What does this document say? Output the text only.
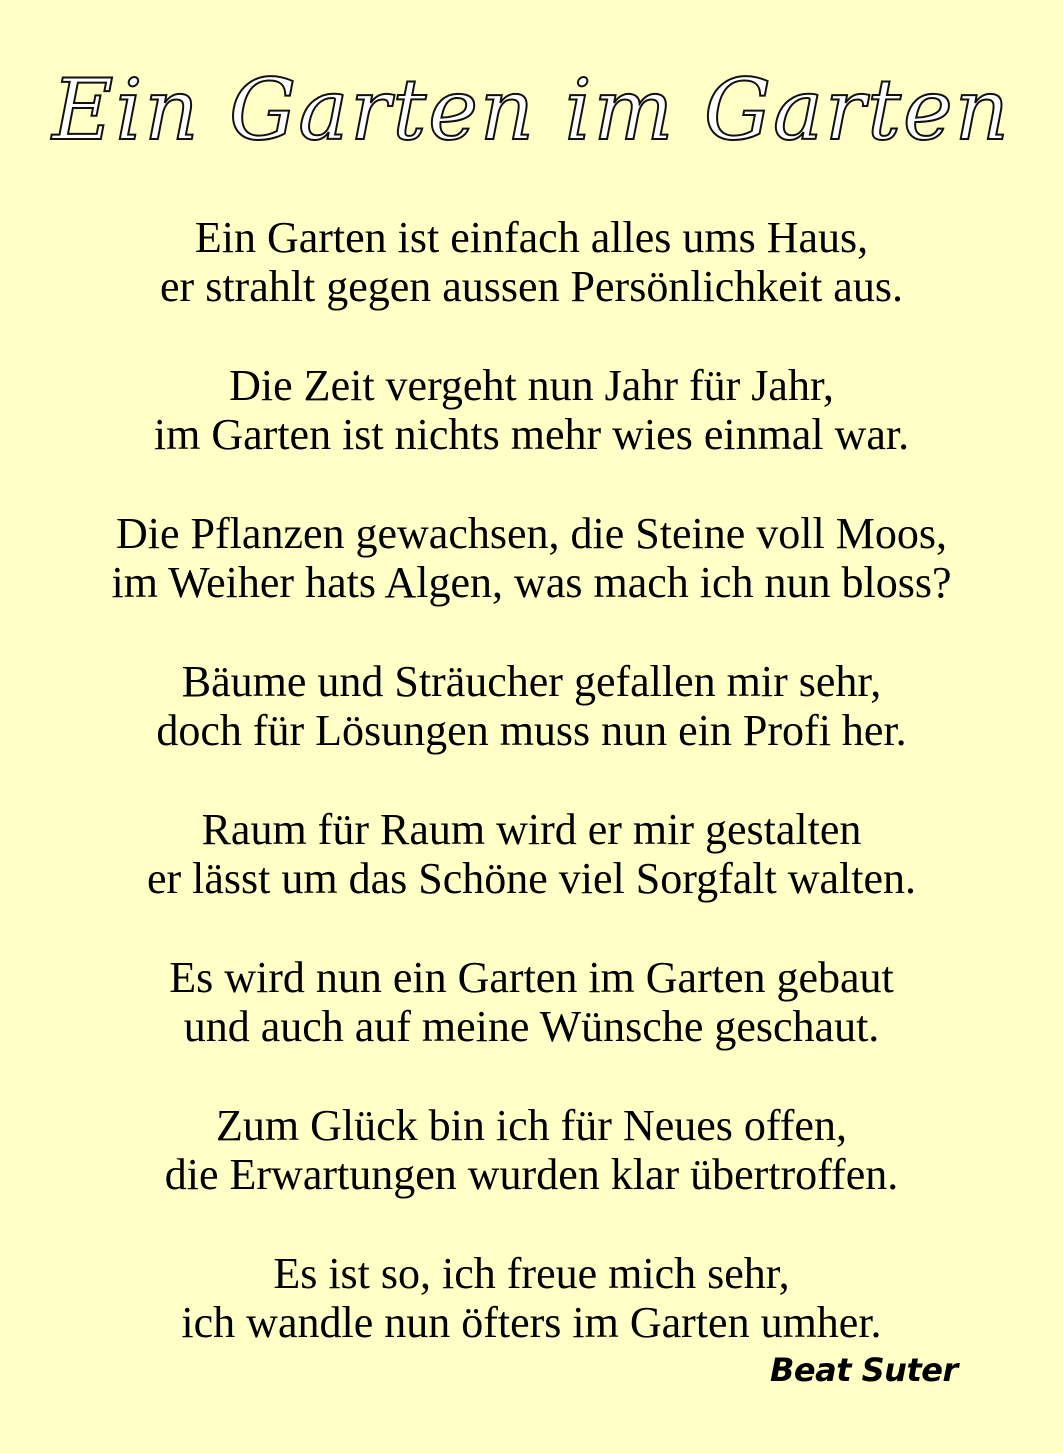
Ein Garten im Garten
Ein Garten ist einfach alles ums Haus,
er strahlt gegen aussen Persönlichkeit aus.
Die Zeit vergeht nun Jahr für Jahr,
im Garten ist nichts mehr wies einmal war.
Die Pflanzen gewachsen, die Steine voll Moos,
im Weiher hats Algen, was mach ich nun bloss?
Bäume und Sträucher gefallen mir sehr,
doch für Lösungen muss nun ein Profi her.
Raum für Raum wird er mir gestalten
er lässt um das Schöne viel Sorgfalt walten.
Es wird nun ein Garten im Garten gebaut
und auch auf meine Wünsche geschaut.
Zum Glück bin ich für Neues offen,
die Erwartungen wurden klar übertroffen.
Es ist so, ich freue mich sehr,
ich wandle nun öfters im Garten umher.
Beat Suter
